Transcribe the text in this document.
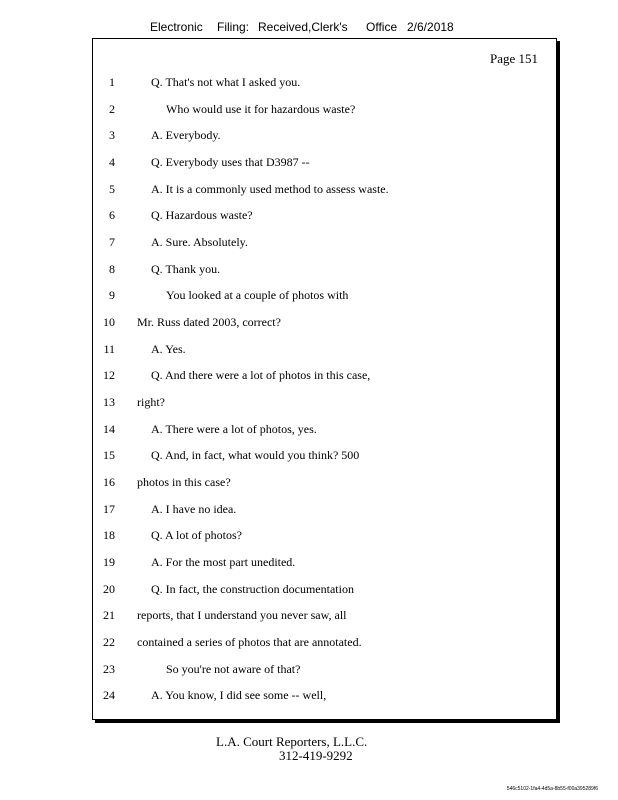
Electronic Filing: Received,Clerk's Office 2/6/2018
Page 151
1	Q. That's not what I asked you.
2	Who would use it for hazardous waste?
3	A. Everybody.
4	Q. Everybody uses that D3987 --
5	A. It is a commonly used method to assess waste.
6	Q. Hazardous waste?
7	A. Sure. Absolutely.
8	Q. Thank you.
9	You looked at a couple of photos with
10 Mr. Russ dated 2003, correct?
11	A. Yes.
12	Q. And there were a lot of photos in this case,
13 right?
14	A. There were a lot of photos, yes.
15	Q. And, in fact, what would you think? 500
16 photos in this case?
17	A. I have no idea.
18	Q. A lot of photos?
19	A. For the most part unedited.
20	Q. In fact, the construction documentation
21 reports, that I understand you never saw, all
22 contained a series of photos that are annotated.
23	So you're not aware of that?
24	A. You know, I did see some -- well,
L.A. Court Reporters, L.L.C.
312-419-9292
546c5102-1fa4-4d5a-8b55-f00a395289f6
